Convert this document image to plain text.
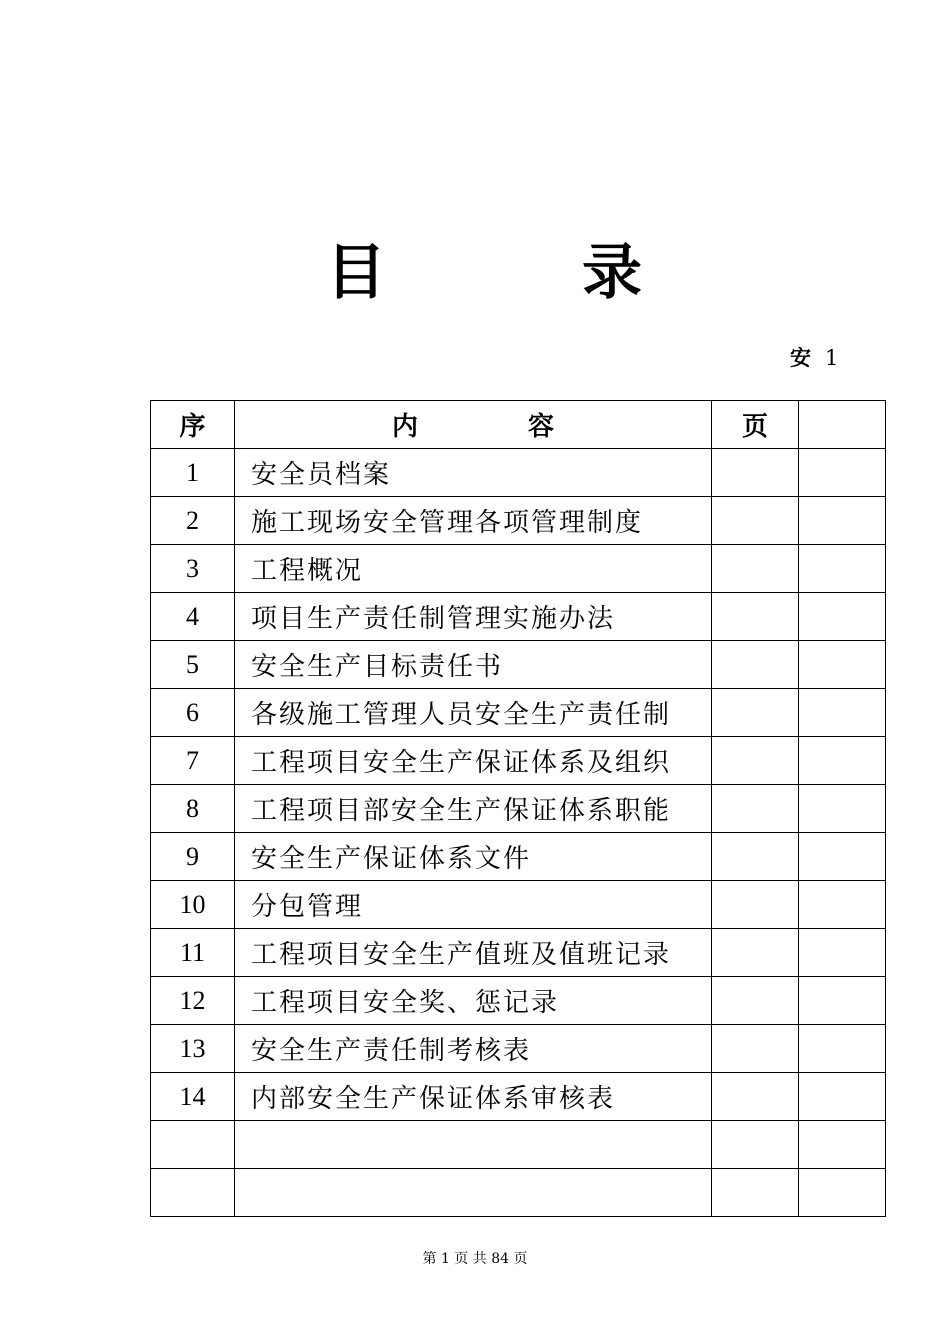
目	录
安 1
序	内 容	页	
1	安全员档案		
2	施工现场安全管理各项管理制度		
3	工程概况		
4	项目生产责任制管理实施办法		
5	安全生产目标责任书		
6	各级施工管理人员安全生产责任制		
7	工程项目安全生产保证体系及组织		
8	工程项目部安全生产保证体系职能		
9	安全生产保证体系文件		
10	分包管理		
11	工程项目安全生产值班及值班记录		
12	工程项目安全奖、惩记录		
13	安全生产责任制考核表		
14	内部安全生产保证体系审核表		

第 1 页 共 84 页
